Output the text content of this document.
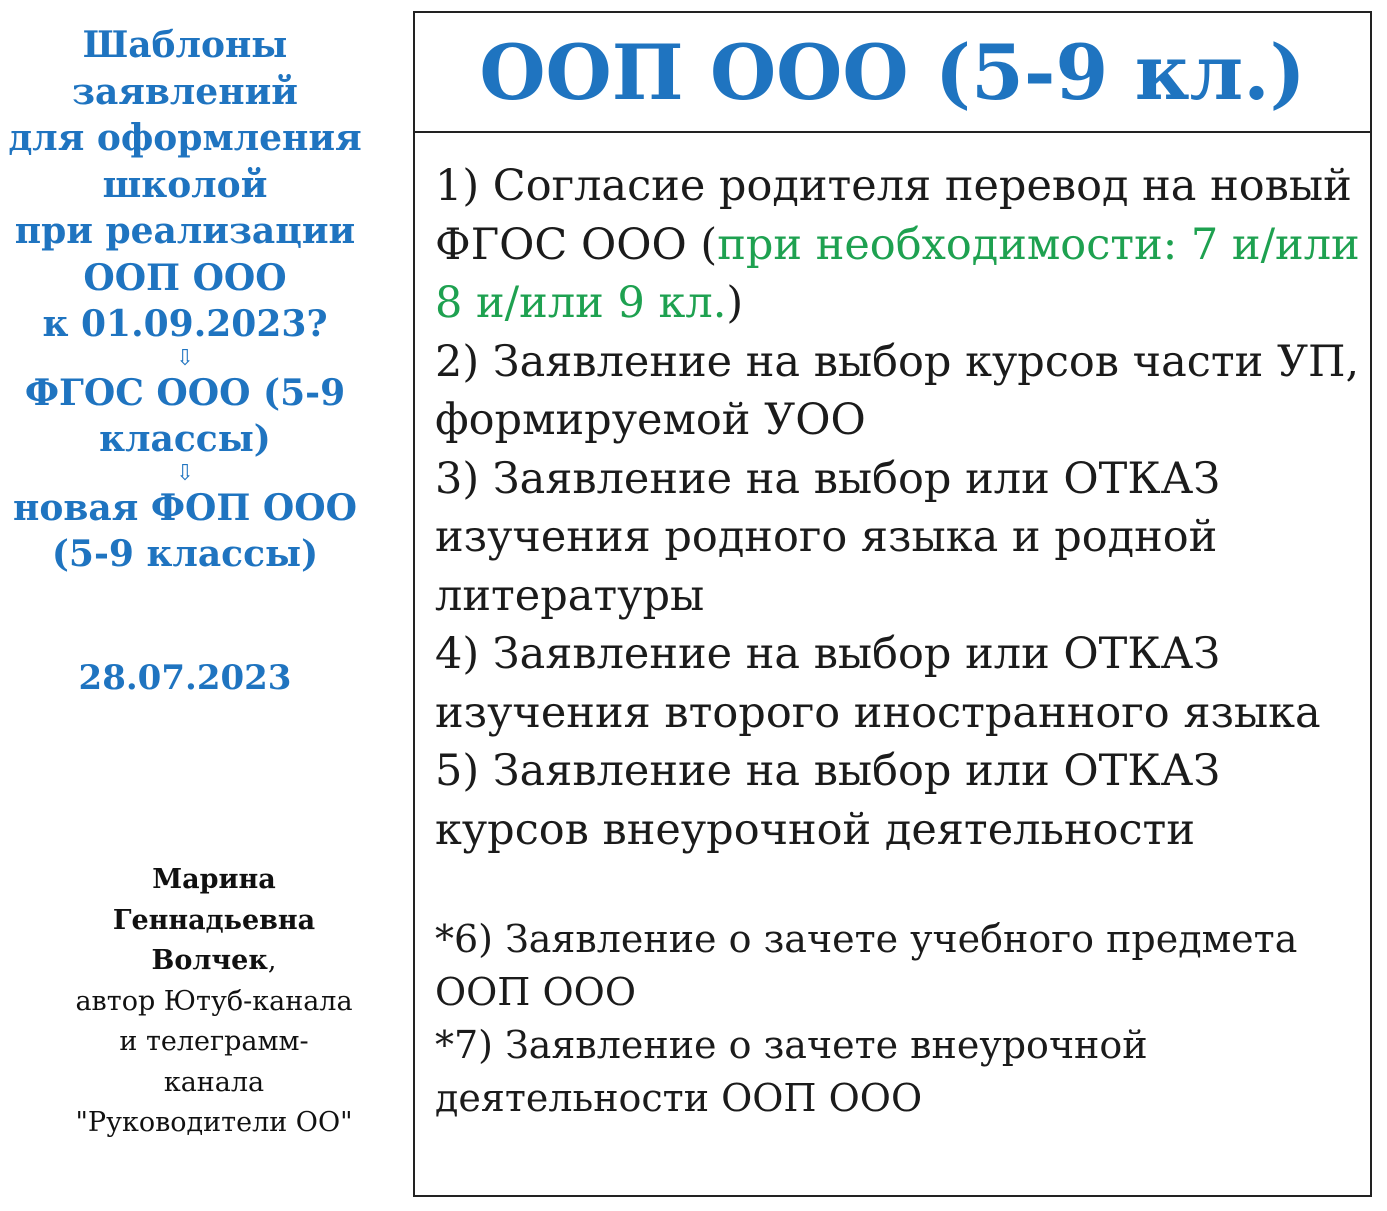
Шаблоны
заявлений
для оформления
школой
при реализации
ООП ООО
к 01.09.2023?
⇩
ФГОС ООО (5-9
классы)
⇩
новая ФОП ООО
(5-9 классы)
28.07.2023
Марина
Геннадьевна
Волчек,
автор Ютуб-канала
и телеграмм-
канала
"Руководители ОО"
ООП ООО (5-9 кл.)
1) Согласие родителя перевод на новый
ФГОС ООО (при необходимости: 7 и/или
8 и/или 9 кл.)
2) Заявление на выбор курсов части УП,
формируемой УОО
3) Заявление на выбор или ОТКАЗ
изучения родного языка и родной
литературы
4) Заявление на выбор или ОТКАЗ
изучения второго иностранного языка
5) Заявление на выбор или ОТКАЗ
курсов внеурочной деятельности
*6) Заявление о зачете учебного предмета
ООП ООО
*7) Заявление о зачете внеурочной
деятельности ООП ООО
